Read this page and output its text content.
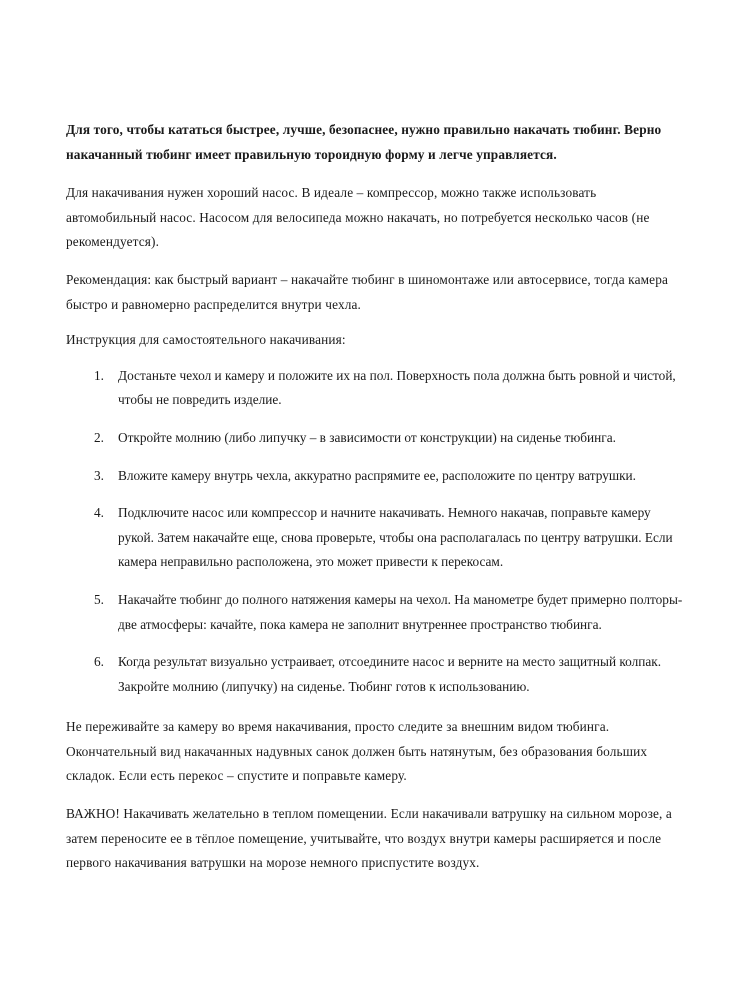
Для того, чтобы кататься быстрее, лучше, безопаснее, нужно правильно накачать тюбинг. Верно накачанный тюбинг имеет правильную тороидную форму и легче управляется.

Для накачивания нужен хороший насос. В идеале – компрессор, можно также использовать автомобильный насос. Насосом для велосипеда можно накачать, но потребуется несколько часов (не рекомендуется).

Рекомендация: как быстрый вариант – накачайте тюбинг в шиномонтаже или автосервисе, тогда камера быстро и равномерно распределится внутри чехла.

Инструкция для самостоятельного накачивания:

Достаньте чехол и камеру и положите их на пол. Поверхность пола должна быть ровной и чистой, чтобы не повредить изделие.
Откройте молнию (либо липучку – в зависимости от конструкции) на сиденье тюбинга.
Вложите камеру внутрь чехла, аккуратно распрямите ее, расположите по центру ватрушки.
Подключите насос или компрессор и начните накачивать. Немного накачав, поправьте камеру рукой. Затем накачайте еще, снова проверьте, чтобы она располагалась по центру ватрушки. Если камера неправильно расположена, это может привести к перекосам.
Накачайте тюбинг до полного натяжения камеры на чехол. На манометре будет примерно полторы-две атмосферы: качайте, пока камера не заполнит внутреннее пространство тюбинга.
Когда результат визуально устраивает, отсоедините насос и верните на место защитный колпак. Закройте молнию (липучку) на сиденье. Тюбинг готов к использованию.

Не переживайте за камеру во время накачивания, просто следите за внешним видом тюбинга. Окончательный вид накачанных надувных санок должен быть натянутым, без образования больших складок. Если есть перекос – спустите и поправьте камеру.

ВАЖНО! Накачивать желательно в теплом помещении. Если накачивали ватрушку на сильном морозе, а затем переносите ее в тёплое помещение, учитывайте, что воздух внутри камеры расширяется и после первого накачивания ватрушки на морозе немного приспустите воздух.
